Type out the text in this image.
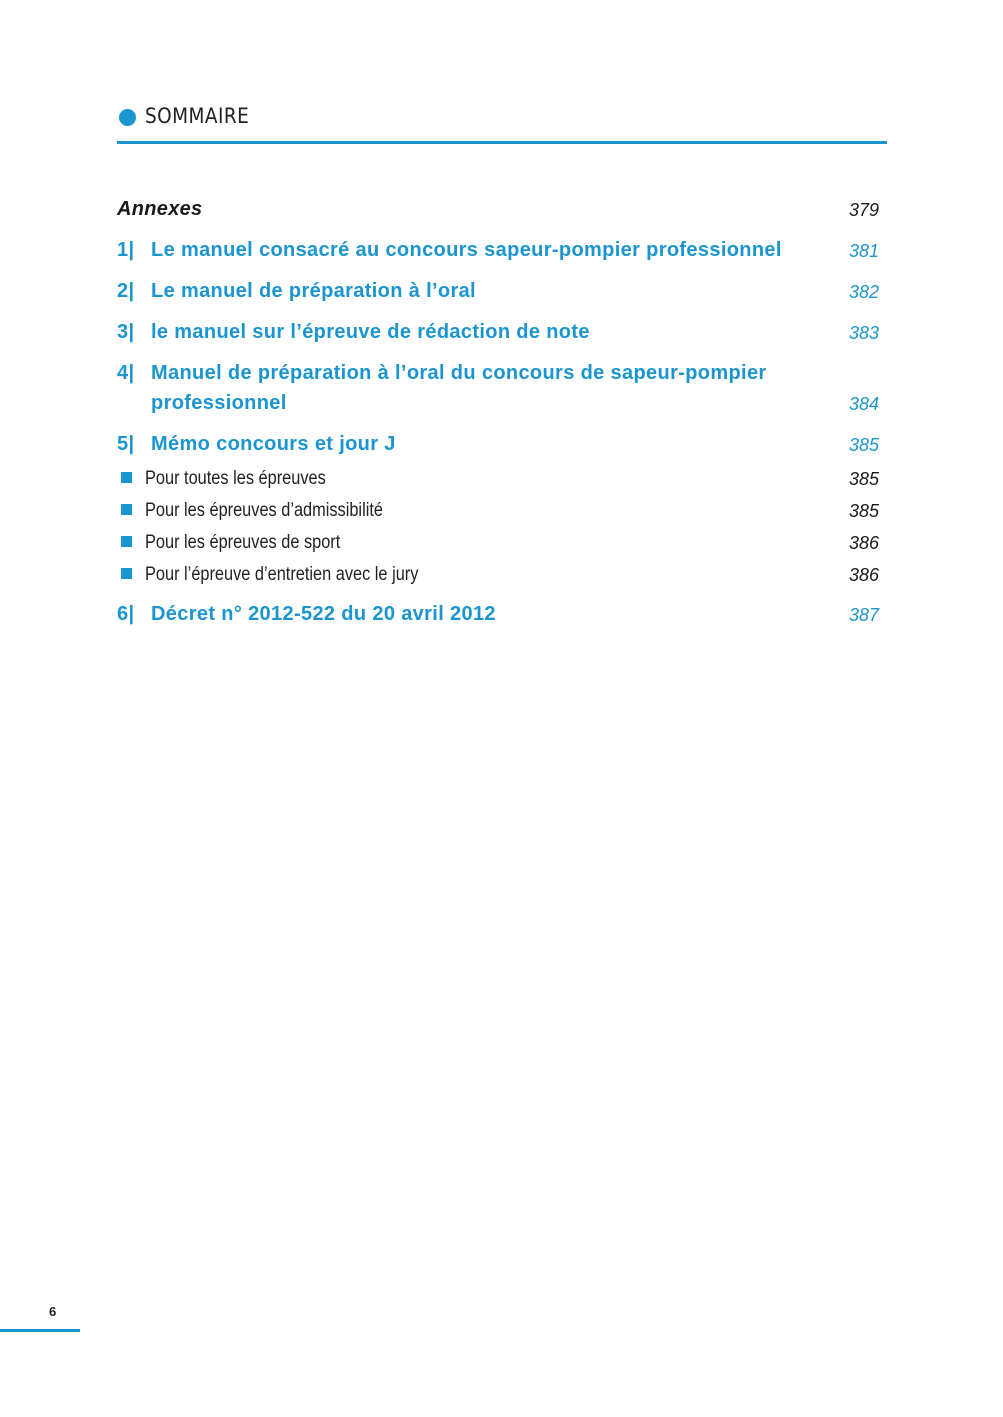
SOMMAIRE
Annexes	379
1| Le manuel consacré au concours sapeur-pompier professionnel	381
2| Le manuel de préparation à l’oral	382
3| le manuel sur l’épreuve de rédaction de note	383
4| Manuel de préparation à l’oral du concours de sapeur-pompier
professionnel	384
5| Mémo concours et jour J	385
Pour toutes les épreuves	385
Pour les épreuves d’admissibilité	385
Pour les épreuves de sport	386
Pour l’épreuve d’entretien avec le jury	386
6| Décret n° 2012-522 du 20 avril 2012	387
6
